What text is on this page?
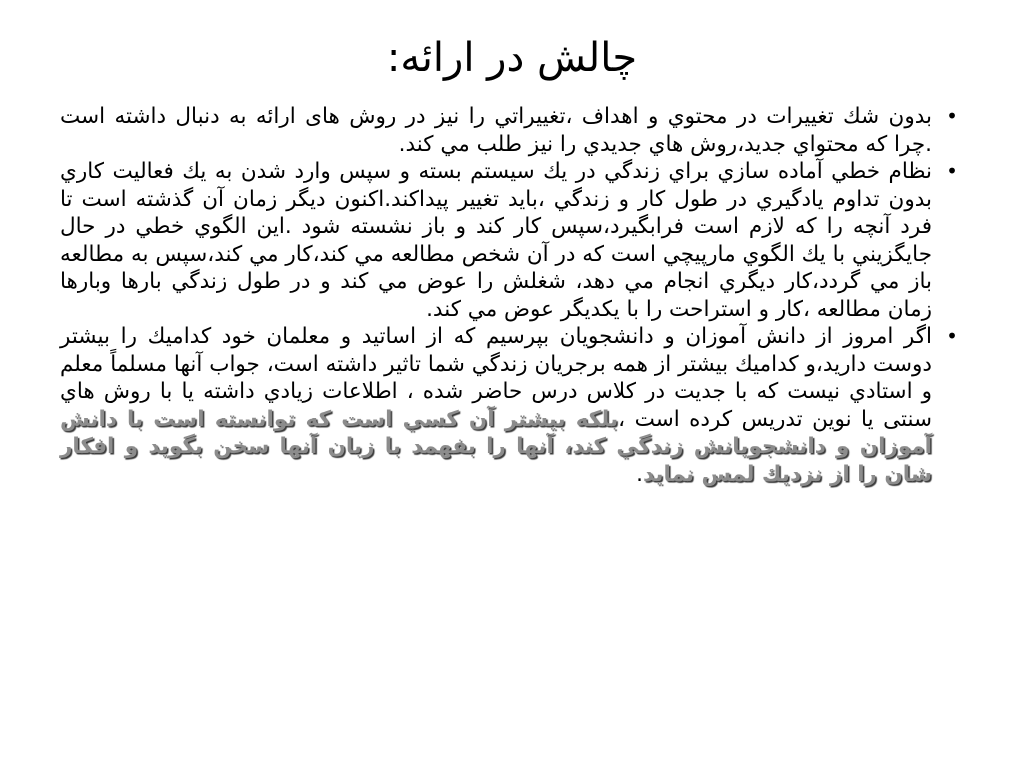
چالش در ارائه:
•
بدون شك تغييرات در محتوي و اهداف ،تغييراتي را نيز در روش های ارائه به دنبال داشته است .چرا كه محتواي جديد،روش هاي جديدي را نيز طلب مي كند.
•
نظام خطي آماده سازي براي زندگي در يك سيستم بسته و سپس وارد شدن به يك فعاليت كاري بدون تداوم يادگيري در طول كار و زندگي ،بايد تغيير پيداكند.اكنون ديگر زمان آن گذشته است تا فرد آنچه را كه لازم است فرابگيرد،سپس كار كند و باز نشسته شود .اين الگوي خطي در حال جايگزيني با يك الگوي مارپيچي است كه در آن شخص مطالعه مي كند،كار مي كند،سپس به مطالعه باز مي گردد،كار ديگري انجام مي دهد، شغلش را عوض مي كند و در طول زندگي بارها وبارها زمان مطالعه ،كار و استراحت را با يكديگر عوض مي كند.
•
اگر امروز از دانش آموزان و دانشجويان بپرسيم كه از اساتيد و معلمان خود كداميك را بيشتر دوست داريد،و كداميك بيشتر از همه برجريان زندگي شما تاثير داشته است، جواب آنها مسلماً معلم و استادي نيست كه با جديت در كلاس درس حاضر شده ، اطلاعات زيادي داشته يا با روش هاي سنتی يا نوين تدريس كرده است ،بلكه بيشتر آن كسي است كه توانسته است با دانش آموزان و دانشجويانش زندگي كند، آنها را بفهمد با زبان آنها سخن بگويد و افكار شان را از نزديك لمس نمايد.
